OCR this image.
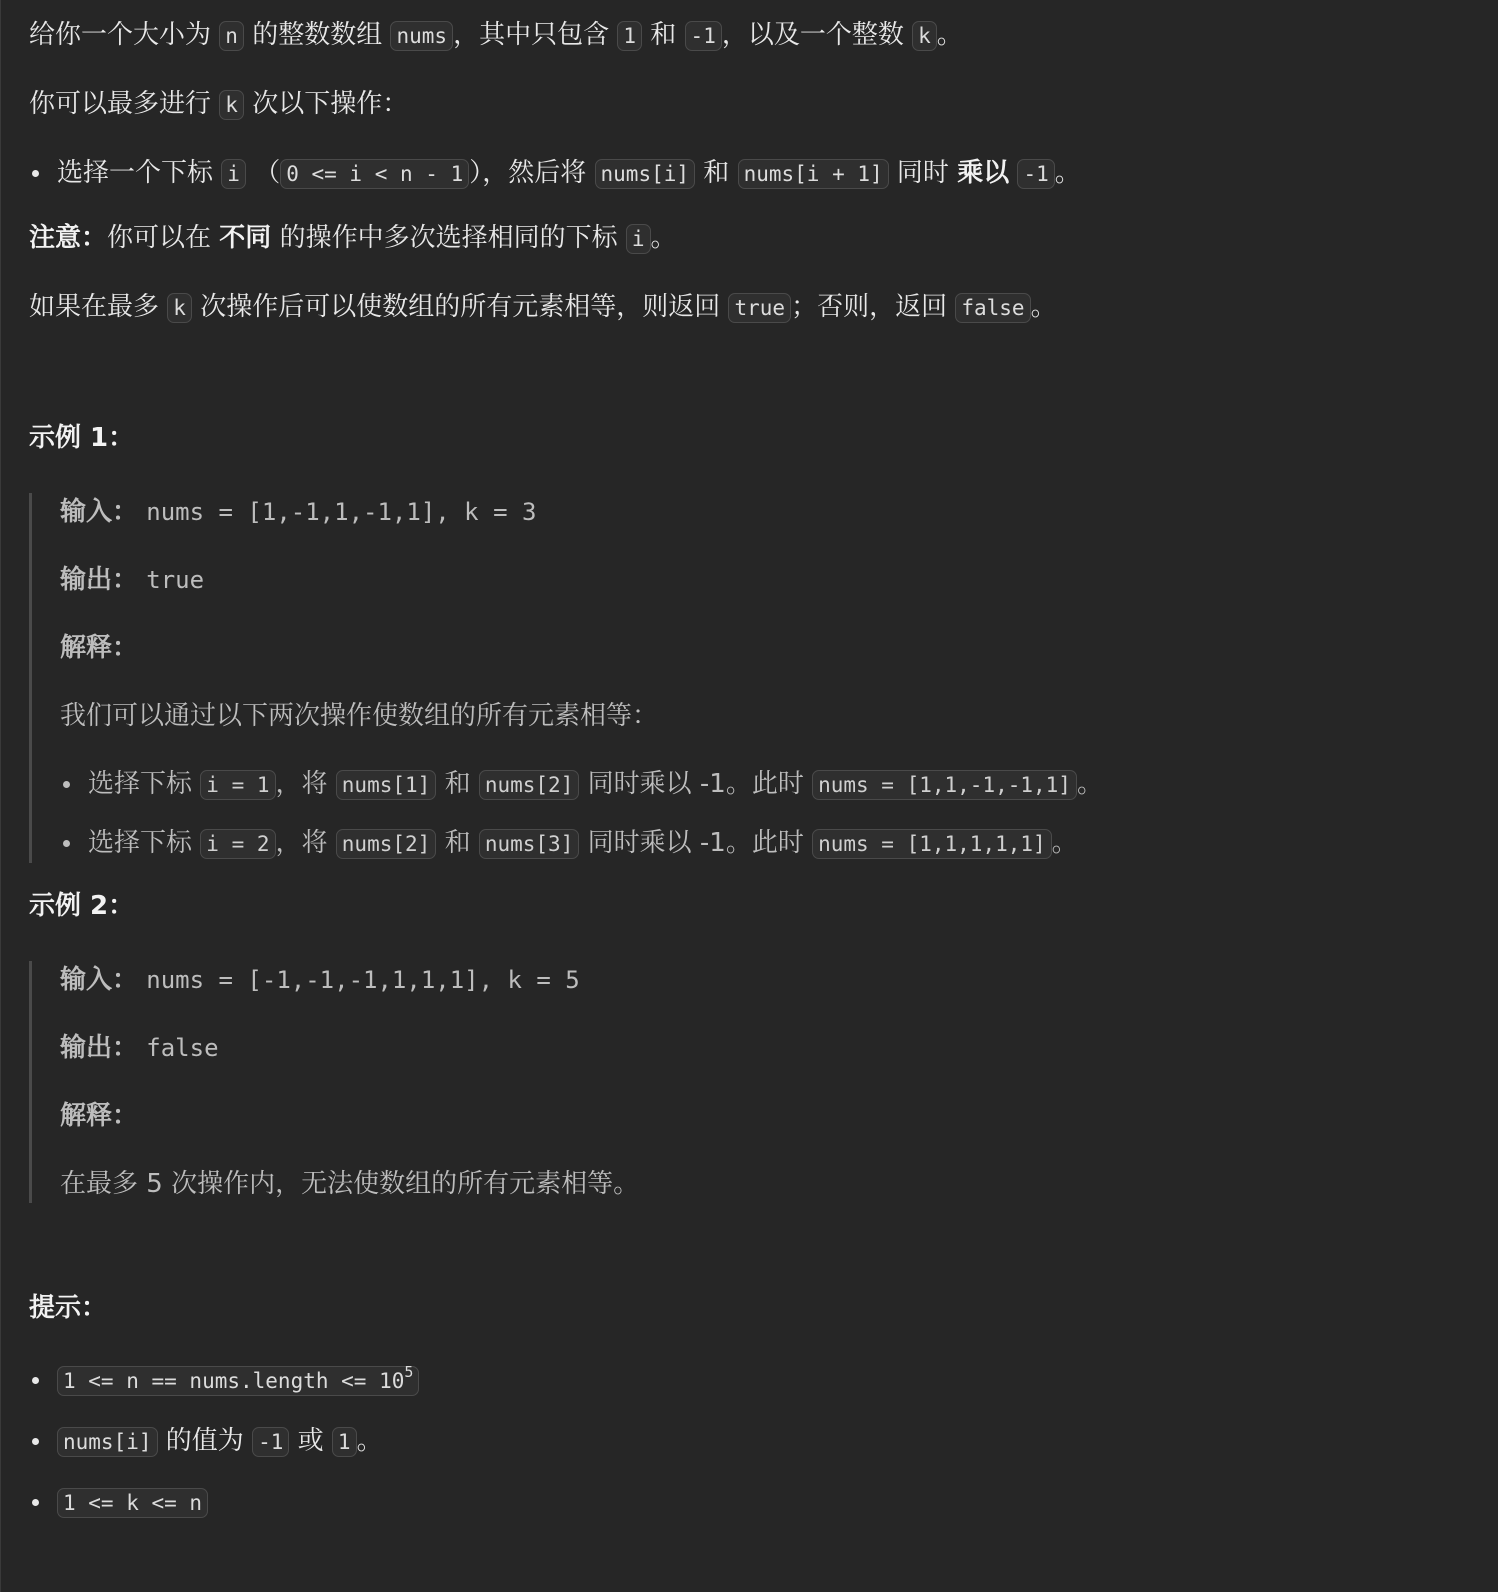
给你一个大小为 n 的整数数组 nums ，其中只包含 1 和 -1 ，以及一个整数 k 。

你可以最多进行 k 次以下操作：

选择一个下标 i （ 0 <= i < n - 1 ），然后将 nums[i] 和 nums[i + 1] 同时 乘以 -1 。

注意：你可以在 不同 的操作中多次选择相同的下标 i 。

如果在最多 k 次操作后可以使数组的所有元素相等，则返回 true ；否则，返回 false 。

示例 1：
输入： nums = [1,-1,1,-1,1], k = 3
输出： true
解释：
我们可以通过以下两次操作使数组的所有元素相等：
选择下标 i = 1 ，将 nums[1] 和 nums[2] 同时乘以 -1。此时 nums = [1,1,-1,-1,1] 。
选择下标 i = 2 ，将 nums[2] 和 nums[3] 同时乘以 -1。此时 nums = [1,1,1,1,1] 。
示例 2：
输入： nums = [-1,-1,-1,1,1,1], k = 5
输出： false
解释：
在最多 5 次操作内，无法使数组的所有元素相等。
提示：
1 <= n == nums.length <= $10^5$
nums[i] 的值为 -1 或 1 。
1 <= k <= n
